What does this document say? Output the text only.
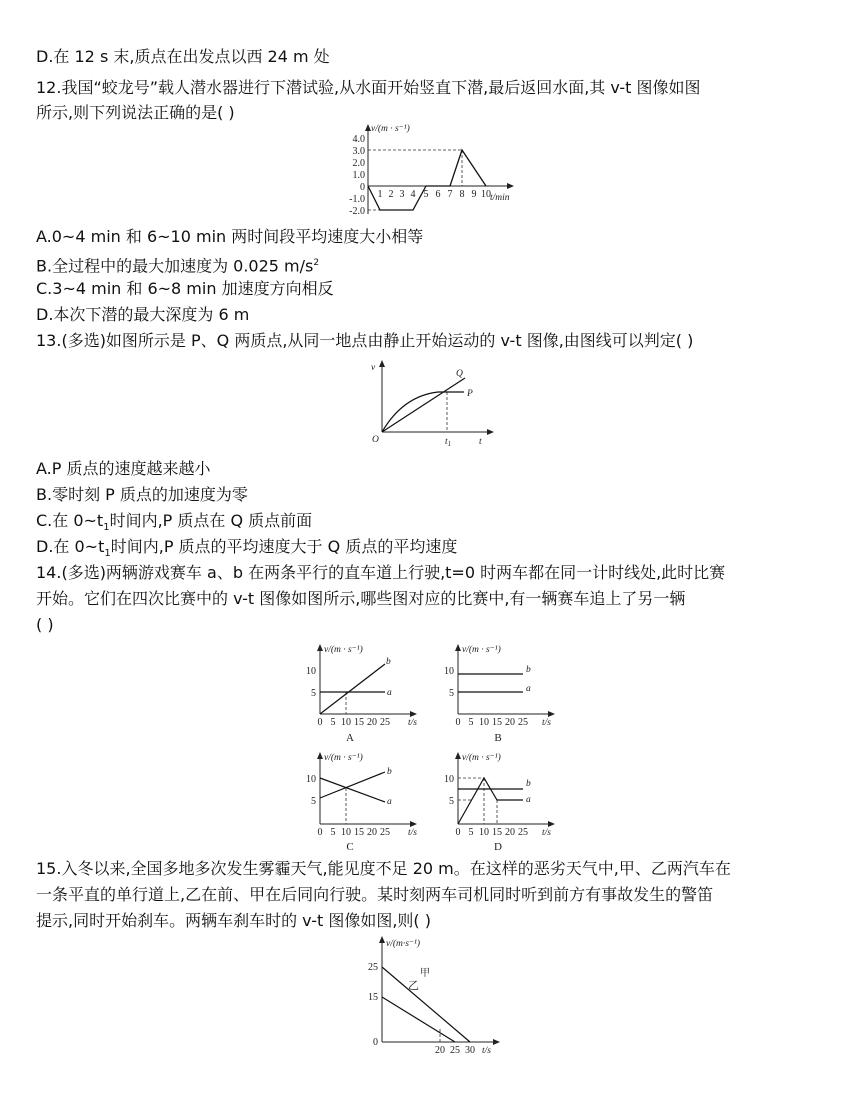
D.在 12 s 末,质点在出发点以西 24 m 处
12.我国“蛟龙号”载人潜水器进行下潜试验,从水面开始竖直下潜,最后返回水面,其 v-t 图像如图
所示,则下列说法正确的是( )
v/(m · s⁻¹)
t/min
4.0
3.0
2.0
1.0
0
-1.0
-2.0
1 2 3 4 5 6 7 8 9 10
A.0~4 min 和 6~10 min 两时间段平均速度大小相等
B.全过程中的最大加速度为 0.025 $m/s^2$
C.3~4 min 和 6~8 min 加速度方向相反
D.本次下潜的最大深度为 6 m
13.(多选)如图所示是 P、Q 两质点,从同一地点由静止开始运动的 v-t 图像,由图线可以判定( )
v
t
O	$t_1$
P
Q
A.P 质点的速度越来越小
B.零时刻 P 质点的加速度为零
C.在 $0\sim t_1$时间内,P 质点在 Q 质点前面
D.在 $0\sim t_1$时间内,P 质点的平均速度大于 Q 质点的平均速度
14.(多选)两辆游戏赛车 a、b 在两条平行的直车道上行驶,t=0 时两车都在同一计时线处,此时比赛
开始。它们在四次比赛中的 v-t 图像如图所示,哪些图对应的比赛中,有一辆赛车追上了另一辆
( )
v/(m · s⁻¹)
t/s
10
5
0 5 10 15 20 25
a
b
A
v/(m · s⁻¹)
t/s
10
5
0 5 10 15 20 25
b
a
B
v/(m · s⁻¹)
t/s
10
5
0 5 10 15 20 25
b
a
C
v/(m · s⁻¹)
t/s
10
5
0 5 10 15 20 25
b
a
D
15.入冬以来,全国多地多次发生雾霾天气,能见度不足 20 m。在这样的恶劣天气中,甲、乙两汽车在
一条平直的单行道上,乙在前、甲在后同向行驶。某时刻两车司机同时听到前方有事故发生的警笛
提示,同时开始刹车。两辆车刹车时的 v-t 图像如图,则( )
v/(m·s⁻¹)
t/s
25
15
0
20 25 30
乙
甲
